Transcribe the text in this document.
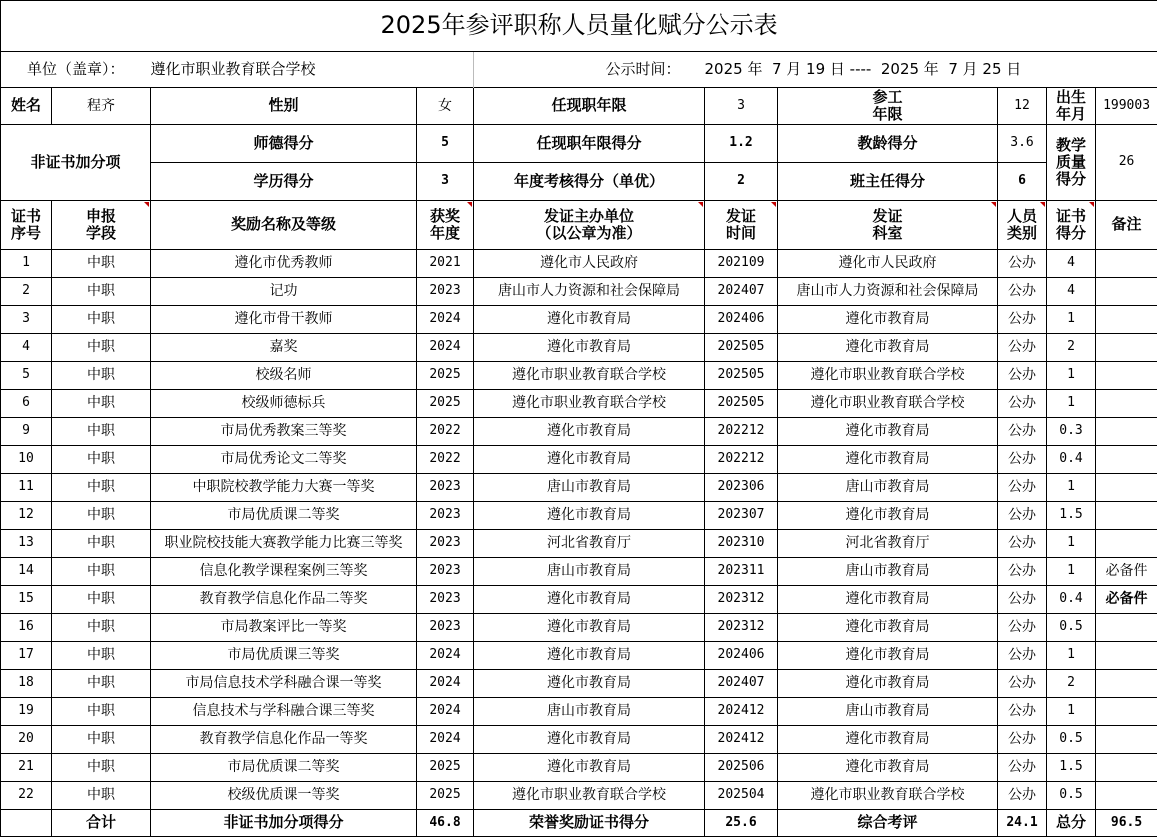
2025年参评职称人员量化赋分公示表									
单位（盖章）：		遵化市职业教育联合学校		公示时间：	2025 年  7 月 19 日 ----  2025 年  7 月 25 日				
姓名	程齐	性别	女	任现职年限	3	参工年限	12	出生年月	199003
非证书加分项		师德得分	5	任现职年限得分	1.2	教龄得分	3.6	教学质量得分	26
		学历得分	3	年度考核得分（单优）	2	班主任得分	6		
证书序号	申报学段	奖励名称及等级	获奖年度	发证主办单位（以公章为准）	发证时间	发证科室	人员类别	证书得分	备注
1	中职	遵化市优秀教师	2021	遵化市人民政府	202109	遵化市人民政府	公办	4	
2	中职	记功	2023	唐山市人力资源和社会保障局	202407	唐山市人力资源和社会保障局	公办	4	
3	中职	遵化市骨干教师	2024	遵化市教育局	202406	遵化市教育局	公办	1	
4	中职	嘉奖	2024	遵化市教育局	202505	遵化市教育局	公办	2	
5	中职	校级名师	2025	遵化市职业教育联合学校	202505	遵化市职业教育联合学校	公办	1	
6	中职	校级师德标兵	2025	遵化市职业教育联合学校	202505	遵化市职业教育联合学校	公办	1	
9	中职	市局优秀教案三等奖	2022	遵化市教育局	202212	遵化市教育局	公办	0.3	
10	中职	市局优秀论文二等奖	2022	遵化市教育局	202212	遵化市教育局	公办	0.4	
11	中职	中职院校教学能力大赛一等奖	2023	唐山市教育局	202306	唐山市教育局	公办	1	
12	中职	市局优质课二等奖	2023	遵化市教育局	202307	遵化市教育局	公办	1.5	
13	中职	职业院校技能大赛教学能力比赛三等奖	2023	河北省教育厅	202310	河北省教育厅	公办	1	
14	中职	信息化教学课程案例三等奖	2023	唐山市教育局	202311	唐山市教育局	公办	1	必备件
15	中职	教育教学信息化作品二等奖	2023	遵化市教育局	202312	遵化市教育局	公办	0.4	必备件
16	中职	市局教案评比一等奖	2023	遵化市教育局	202312	遵化市教育局	公办	0.5	
17	中职	市局优质课三等奖	2024	遵化市教育局	202406	遵化市教育局	公办	1	
18	中职	市局信息技术学科融合课一等奖	2024	遵化市教育局	202407	遵化市教育局	公办	2	
19	中职	信息技术与学科融合课三等奖	2024	唐山市教育局	202412	唐山市教育局	公办	1	
20	中职	教育教学信息化作品一等奖	2024	遵化市教育局	202412	遵化市教育局	公办	0.5	
21	中职	市局优质课二等奖	2025	遵化市教育局	202506	遵化市教育局	公办	1.5	
22	中职	校级优质课一等奖	2025	遵化市职业教育联合学校	202504	遵化市职业教育联合学校	公办	0.5	
	合计	非证书加分项得分	46.8	荣誉奖励证书得分	25.6	综合考评	24.1	总分	96.5
